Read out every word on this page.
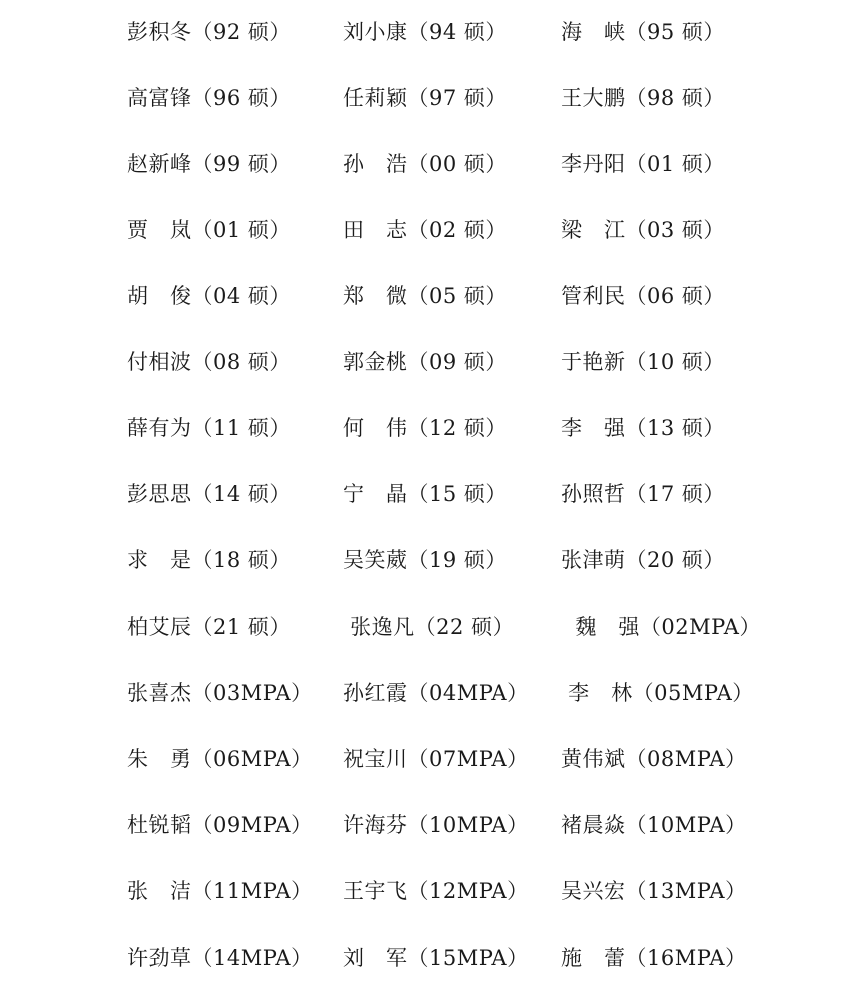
彭积冬（92 硕） 刘小康（94 硕）	海　峡（95 硕）
高富锋（96 硕） 任莉颖（97 硕）	王大鹏（98 硕）
赵新峰（99 硕） 孙　浩（00 硕）	李丹阳（01 硕）
贾　岚（01 硕） 田　志（02 硕）	梁　江（03 硕）
胡　俊（04 硕） 郑　微（05 硕）	管利民（06 硕）
付相波（08 硕） 郭金桃（09 硕）	于艳新（10 硕）
薛有为（11 硕） 何　伟（12 硕）	李　强（13 硕）
彭思思（14 硕） 宁　晶（15 硕）	孙照哲（17 硕）
求　是（18 硕） 吴笑葳（19 硕）	张津萌（20 硕）
柏艾辰（21 硕） 张逸凡（22 硕） 魏　强（02MPA）
张喜杰（03MPA） 孙红霞（04MPA） 李　林（05MPA）
朱　勇（06MPA） 祝宝川（07MPA） 黄伟斌（08MPA）
杜锐韬（09MPA） 许海芬（10MPA） 褚晨焱（10MPA）
张　洁（11MPA） 王宇飞（12MPA） 吴兴宏（13MPA）
许劲草（14MPA） 刘　军（15MPA） 施　蕾（16MPA）
